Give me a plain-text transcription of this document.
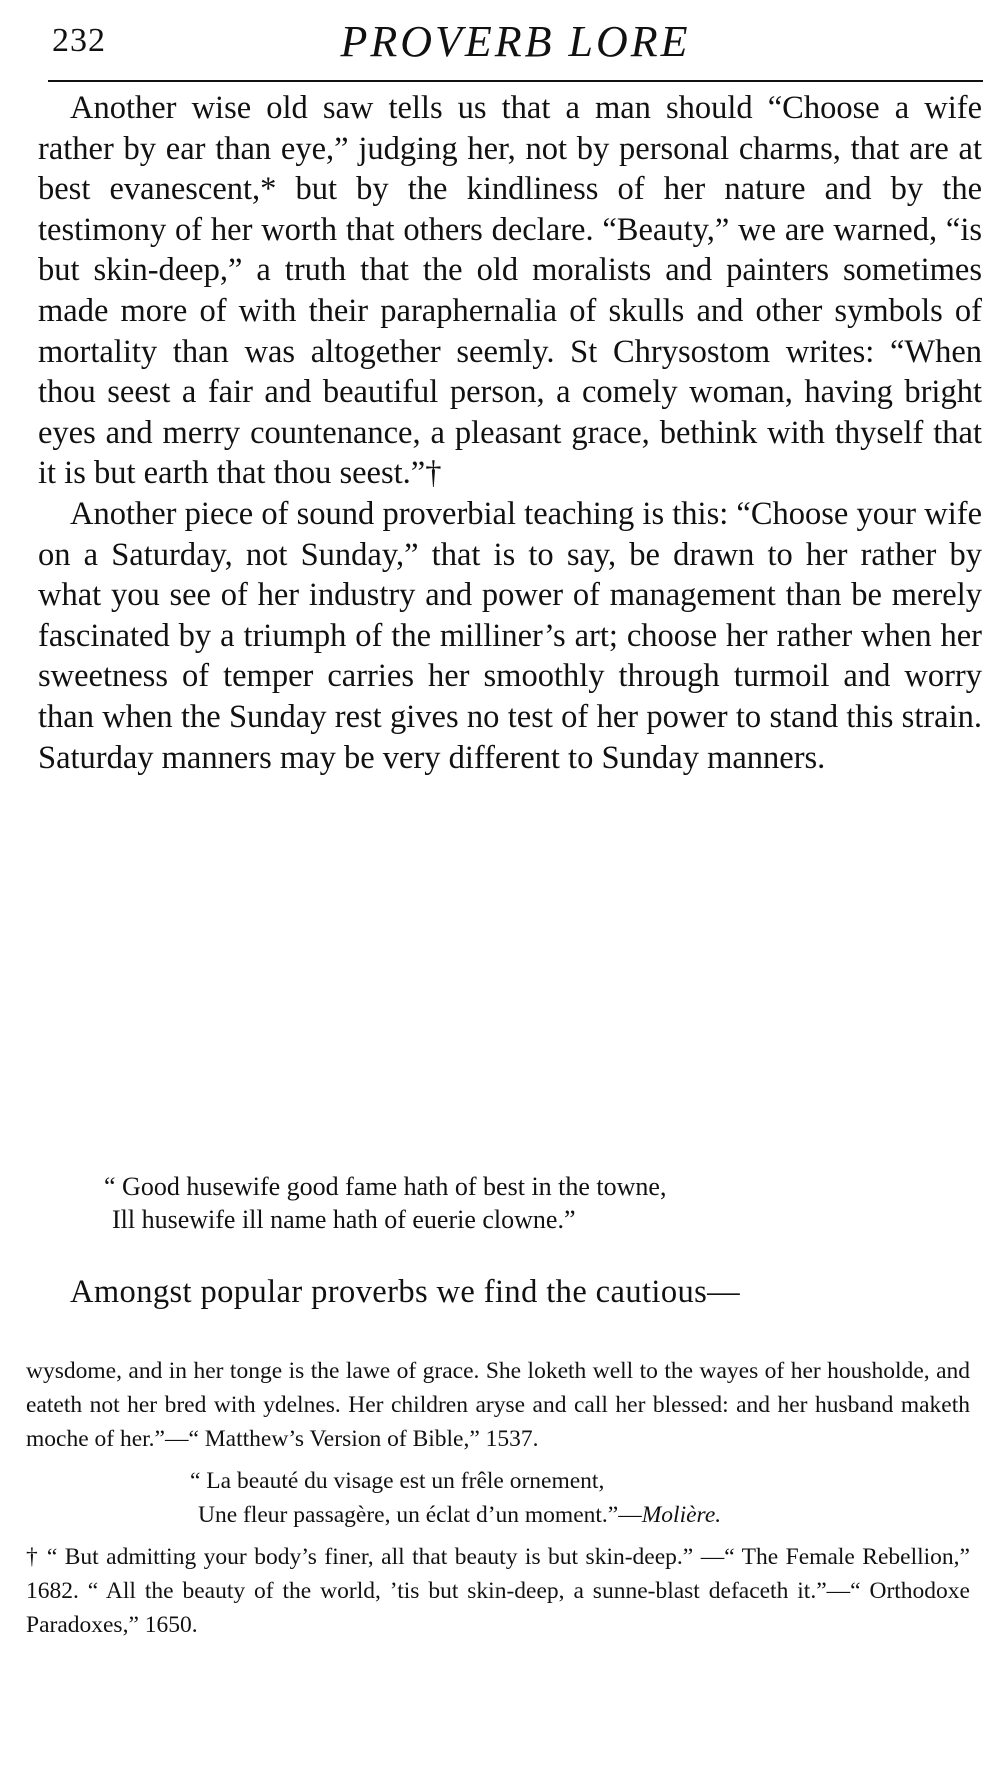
232	PROVERB LORE

Another wise old saw tells us that a man should “Choose a wife rather by ear than eye,” judging her, not by personal charms, that are at best evanescent,* but by the kindliness of her nature and by the testimony of her worth that others declare. “Beauty,” we are warned, “is but skin-deep,” a truth that the old moralists and painters sometimes made more of with their paraphernalia of skulls and other symbols of mortality than was altogether seemly. St Chrysostom writes: “When thou seest a fair and beautiful person, a comely woman, having bright eyes and merry countenance, a pleasant grace, bethink with thyself that it is but earth that thou seest.”†

Another piece of sound proverbial teaching is this: “Choose your wife on a Saturday, not Sunday,” that is to say, be drawn to her rather by what you see of her industry and power of management than be merely fascinated by a triumph of the milliner’s art; choose her rather when her sweetness of temper carries her smoothly through turmoil and worry than when the Sunday rest gives no test of her power to stand this strain. Saturday manners may be very different to Sunday manners.

“ Good husewife good fame hath of best in the towne,
Ill husewife ill name hath of euerie clowne.”
Amongst popular proverbs we find the cautious—

wysdome, and in her tonge is the lawe of grace. She loketh well to the wayes of her housholde, and eateth not her bred with ydelnes. Her children aryse and call her blessed: and her husband maketh moche of her.”—“ Matthew’s Version of Bible,” 1537.

“ La beauté du visage est un frêle ornement,
Une fleur passagère, un éclat d’un moment.”—Molière.

† “ But admitting your body’s finer, all that beauty is but skin-deep.” —“ The Female Rebellion,” 1682. “ All the beauty of the world, ’tis but skin-deep, a sunne-blast defaceth it.”—“ Orthodoxe Paradoxes,” 1650.
